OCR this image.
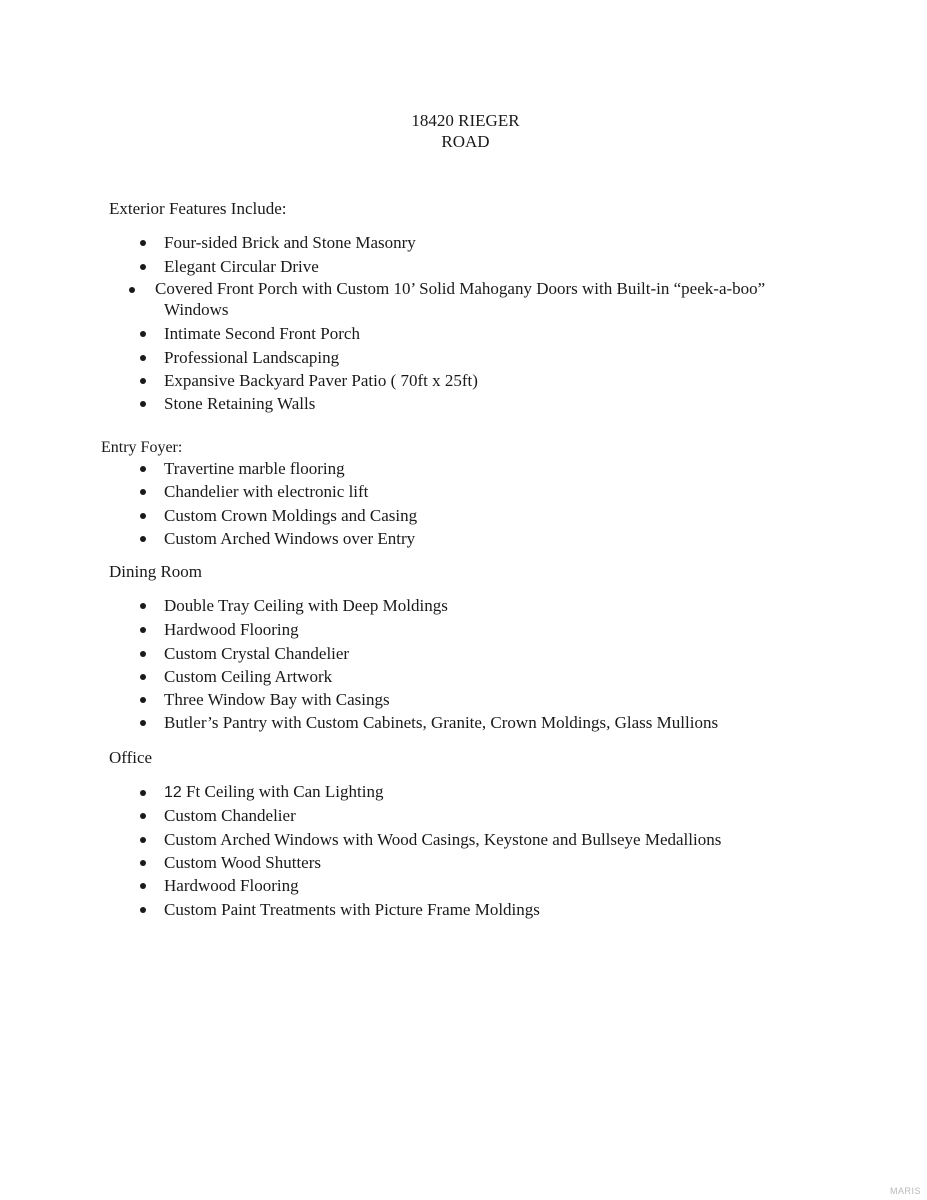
18420 RIEGER
ROAD
Exterior Features Include:
Four-sided Brick and Stone Masonry
Elegant Circular Drive
Covered Front Porch with Custom 10’ Solid Mahogany Doors with Built-in “peek-a-boo” Windows
Intimate Second Front Porch
Professional Landscaping
Expansive Backyard Paver Patio ( 70ft x 25ft)
Stone Retaining Walls
Entry Foyer:
Travertine marble flooring
Chandelier with electronic lift
Custom Crown Moldings and Casing
Custom Arched Windows over Entry
Dining Room
Double Tray Ceiling with Deep Moldings
Hardwood Flooring
Custom Crystal Chandelier
Custom Ceiling Artwork
Three Window Bay with Casings
Butler’s Pantry with Custom Cabinets, Granite, Crown Moldings, Glass Mullions
Office
12 Ft Ceiling with Can Lighting
Custom Chandelier
Custom Arched Windows with Wood Casings, Keystone and Bullseye Medallions
Custom Wood Shutters
Hardwood Flooring
Custom Paint Treatments with Picture Frame Moldings
MARIS
